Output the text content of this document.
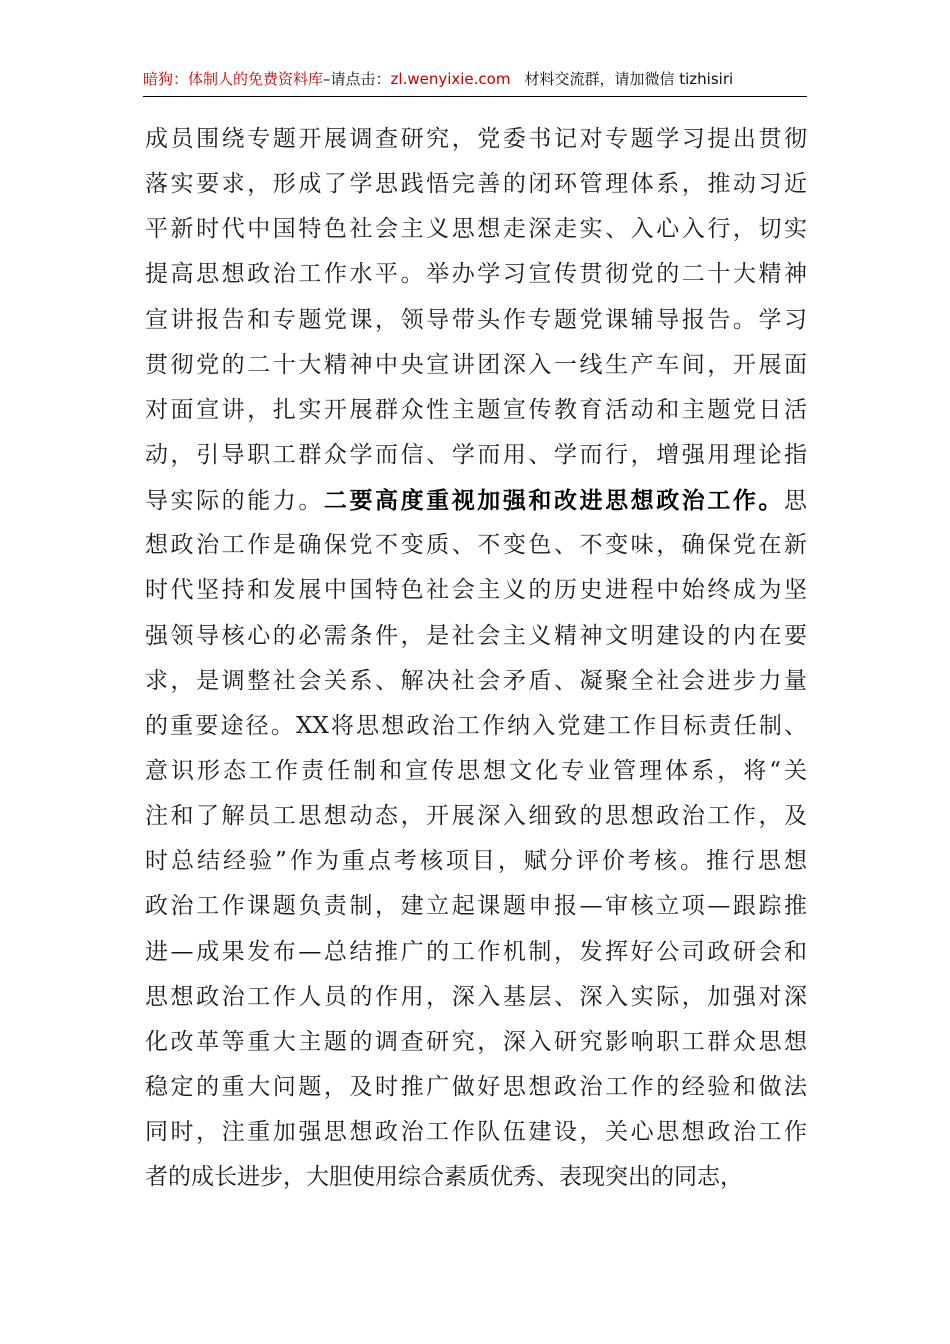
暗狗：体制人的免费资料库–请点击：zl.wenyixie.com 材料交流群，请加微信 tizhisiri
成员围绕专题开展调查研究，党委书记对专题学习提出贯彻
落实要求，形成了学思践悟完善的闭环管理体系，推动习近
平新时代中国特色社会主义思想走深走实、入心入行，切实
提高思想政治工作水平。举办学习宣传贯彻党的二十大精神
宣讲报告和专题党课，领导带头作专题党课辅导报告。学习
贯彻党的二十大精神中央宣讲团深入一线生产车间，开展面
对面宣讲，扎实开展群众性主题宣传教育活动和主题党日活
动，引导职工群众学而信、学而用、学而行，增强用理论指
导实际的能力。二要高度重视加强和改进思想政治工作。思
想政治工作是确保党不变质、不变色、不变味，确保党在新
时代坚持和发展中国特色社会主义的历史进程中始终成为坚
强领导核心的必需条件，是社会主义精神文明建设的内在要
求，是调整社会关系、解决社会矛盾、凝聚全社会进步力量
的重要途径。XX将思想政治工作纳入党建工作目标责任制、
意识形态工作责任制和宣传思想文化专业管理体系，将“关
注和了解员工思想动态，开展深入细致的思想政治工作，及
时总结经验”作为重点考核项目，赋分评价考核。推行思想
政治工作课题负责制，建立起课题申报—审核立项—跟踪推
进—成果发布—总结推广的工作机制，发挥好公司政研会和
思想政治工作人员的作用，深入基层、深入实际，加强对深
化改革等重大主题的调查研究，深入研究影响职工群众思想
稳定的重大问题，及时推广做好思想政治工作的经验和做法
同时，注重加强思想政治工作队伍建设，关心思想政治工作
者的成长进步，大胆使用综合素质优秀、表现突出的同志，
